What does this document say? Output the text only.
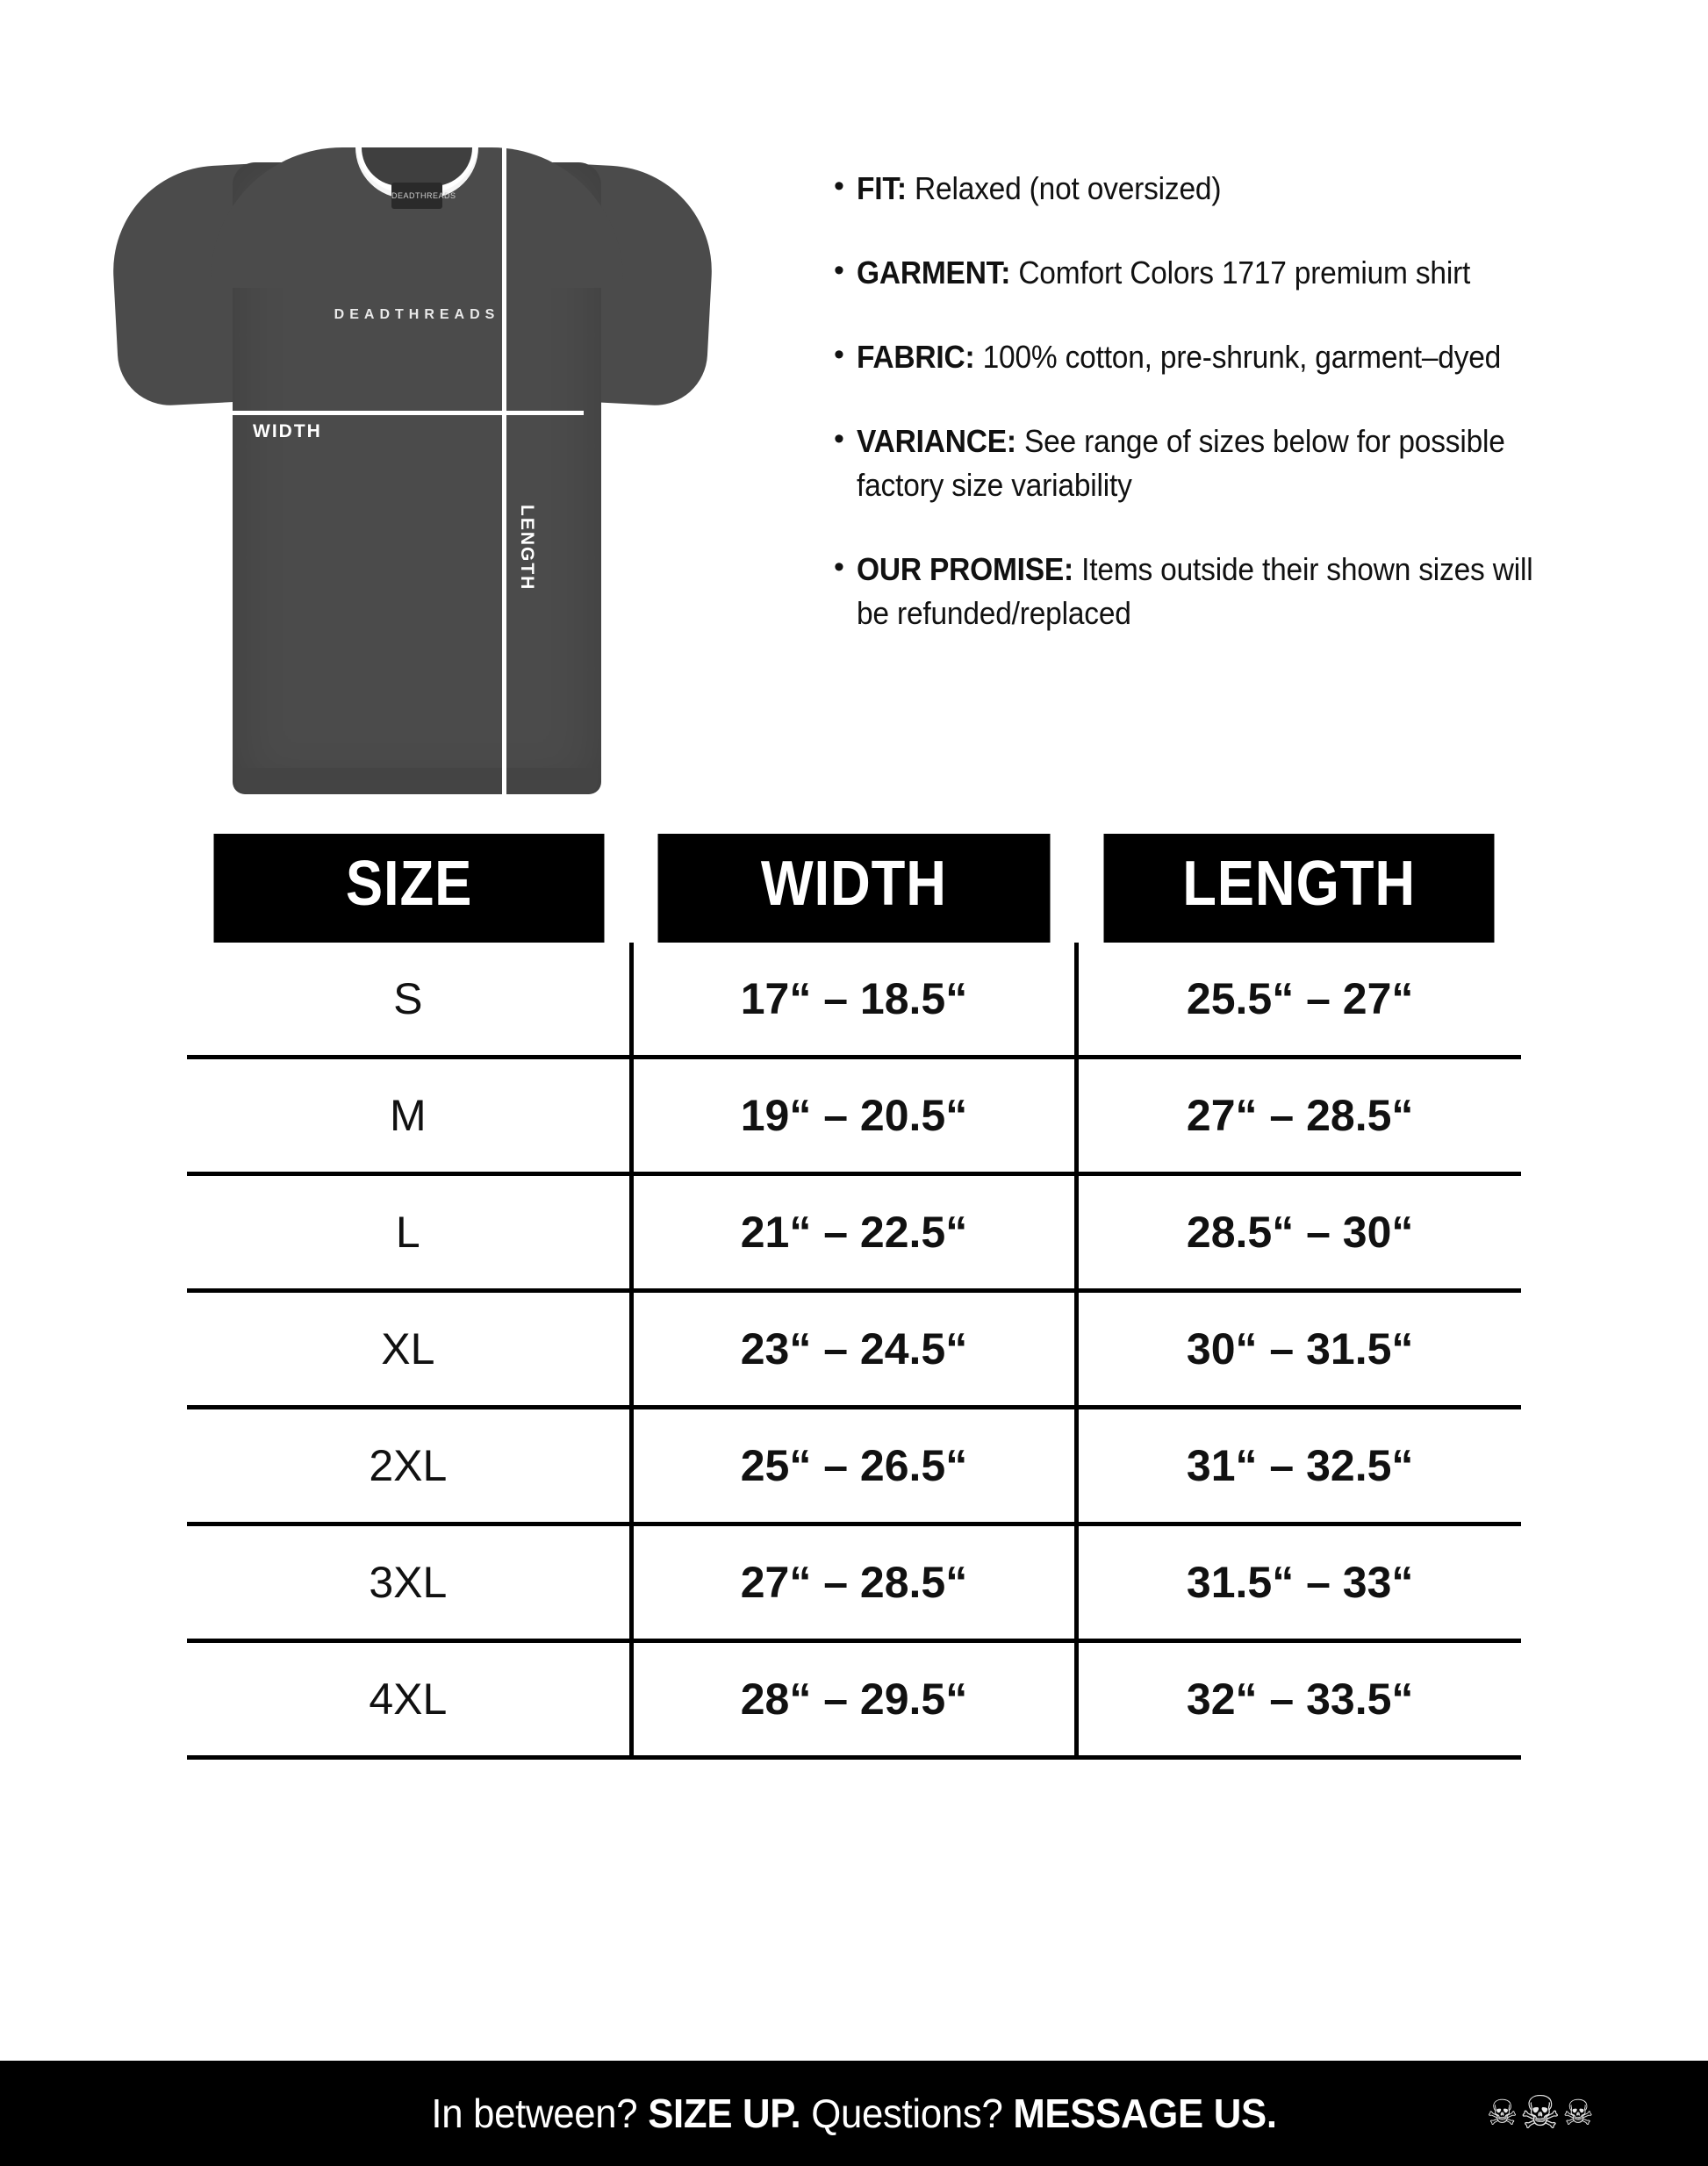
DEADTHREADS
DEADTHREADS
WIDTH
LENGTH
• FIT: Relaxed (not oversized)
• GARMENT: Comfort Colors 1717 premium shirt
• FABRIC: 100% cotton, pre-shrunk, garment–dyed
• VARIANCE: See range of sizes below for possible factory size variability
• OUR PROMISE: Items outside their shown sizes will be refunded/replaced
SIZE	WIDTH	LENGTH
S	17“ – 18.5“	25.5“ – 27“
M	19“ – 20.5“	27“ – 28.5“
L	21“ – 22.5“	28.5“ – 30“
XL	23“ – 24.5“	30“ – 31.5“
2XL	25“ – 26.5“	31“ – 32.5“
3XL	27“ – 28.5“	31.5“ – 33“
4XL	28“ – 29.5“	32“ – 33.5“
In between? SIZE UP. Questions? MESSAGE US.	☠ ☠ ☠
